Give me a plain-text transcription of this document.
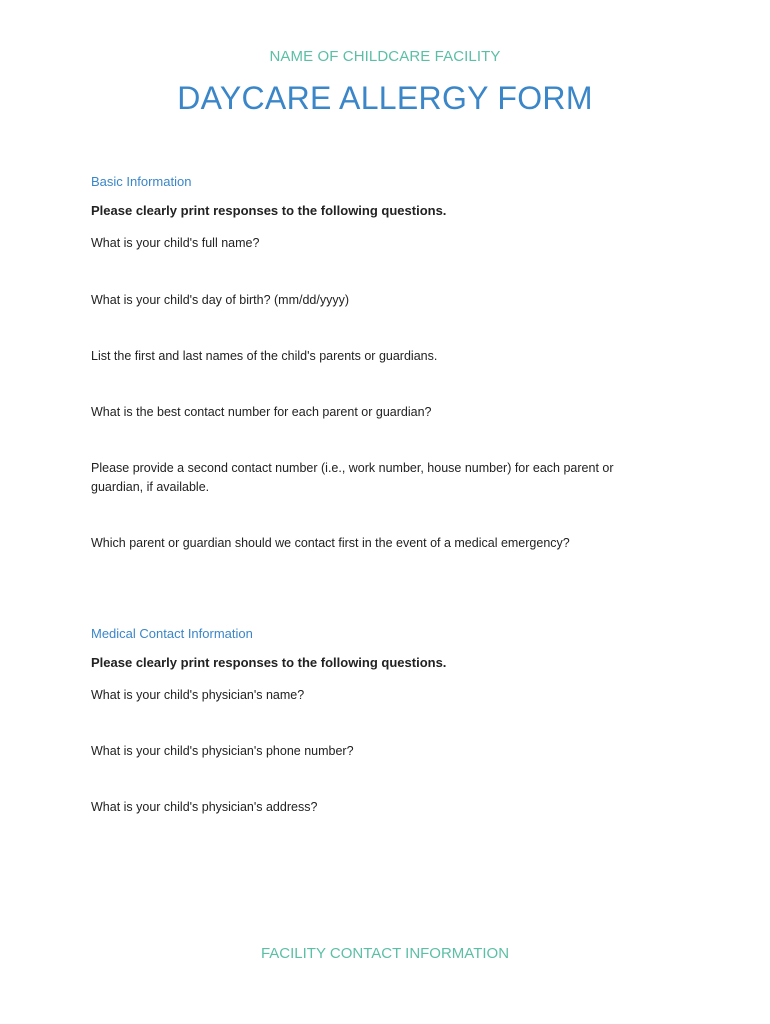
NAME OF CHILDCARE FACILITY
DAYCARE ALLERGY FORM
Basic Information
Please clearly print responses to the following questions.
What is your child's full name?
What is your child's day of birth? (mm/dd/yyyy)
List the first and last names of the child's parents or guardians.
What is the best contact number for each parent or guardian?
Please provide a second contact number (i.e., work number, house number) for each parent or guardian, if available.
Which parent or guardian should we contact first in the event of a medical emergency?
Medical Contact Information
Please clearly print responses to the following questions.
What is your child's physician's name?
What is your child's physician's phone number?
What is your child's physician's address?
FACILITY CONTACT INFORMATION
